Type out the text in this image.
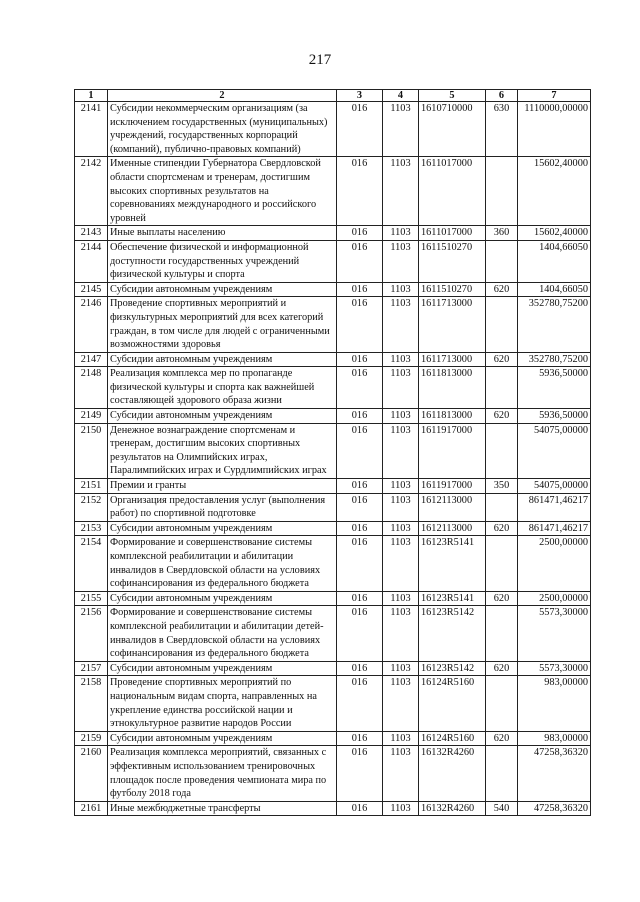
217
1	2	3	4	5	6	7
2141	Субсидии некоммерческим организациям (за исключением государственных (муниципальных) учреждений, государственных корпораций (компаний), публично-правовых компаний)	016	1103	1610710000	630	1110000,00000
2142	Именные стипендии Губернатора Свердловской области спортсменам и тренерам, достигшим высоких спортивных результатов на соревнованиях международного и российского уровней	016	1103	1611017000		15602,40000
2143	Иные выплаты населению	016	1103	1611017000	360	15602,40000
2144	Обеспечение физической и информационной доступности государственных учреждений физической культуры и спорта	016	1103	1611510270		1404,66050
2145	Субсидии автономным учреждениям	016	1103	1611510270	620	1404,66050
2146	Проведение спортивных мероприятий и физкультурных мероприятий для всех категорий граждан, в том числе для людей с ограниченными возможностями здоровья	016	1103	1611713000		352780,75200
2147	Субсидии автономным учреждениям	016	1103	1611713000	620	352780,75200
2148	Реализация комплекса мер по пропаганде физической культуры и спорта как важнейшей составляющей здорового образа жизни	016	1103	1611813000		5936,50000
2149	Субсидии автономным учреждениям	016	1103	1611813000	620	5936,50000
2150	Денежное вознаграждение спортсменам и тренерам, достигшим высоких спортивных результатов на Олимпийских играх, Паралимпийских играх и Сурдлимпийских играх	016	1103	1611917000		54075,00000
2151	Премии и гранты	016	1103	1611917000	350	54075,00000
2152	Организация предоставления услуг (выполнения работ) по спортивной подготовке	016	1103	1612113000		861471,46217
2153	Субсидии автономным учреждениям	016	1103	1612113000	620	861471,46217
2154	Формирование и совершенствование системы комплексной реабилитации и абилитации инвалидов в Свердловской области на условиях софинансирования из федерального бюджета	016	1103	16123R5141		2500,00000
2155	Субсидии автономным учреждениям	016	1103	16123R5141	620	2500,00000
2156	Формирование и совершенствование системы комплексной реабилитации и абилитации детей-инвалидов в Свердловской области на условиях софинансирования из федерального бюджета	016	1103	16123R5142		5573,30000
2157	Субсидии автономным учреждениям	016	1103	16123R5142	620	5573,30000
2158	Проведение спортивных мероприятий по национальным видам спорта, направленных на укрепление единства российской нации и этнокультурное развитие народов России	016	1103	16124R5160		983,00000
2159	Субсидии автономным учреждениям	016	1103	16124R5160	620	983,00000
2160	Реализация комплекса мероприятий, связанных с эффективным использованием тренировочных площадок после проведения чемпионата мира по футболу 2018 года	016	1103	16132R4260		47258,36320
2161	Иные межбюджетные трансферты	016	1103	16132R4260	540	47258,36320
